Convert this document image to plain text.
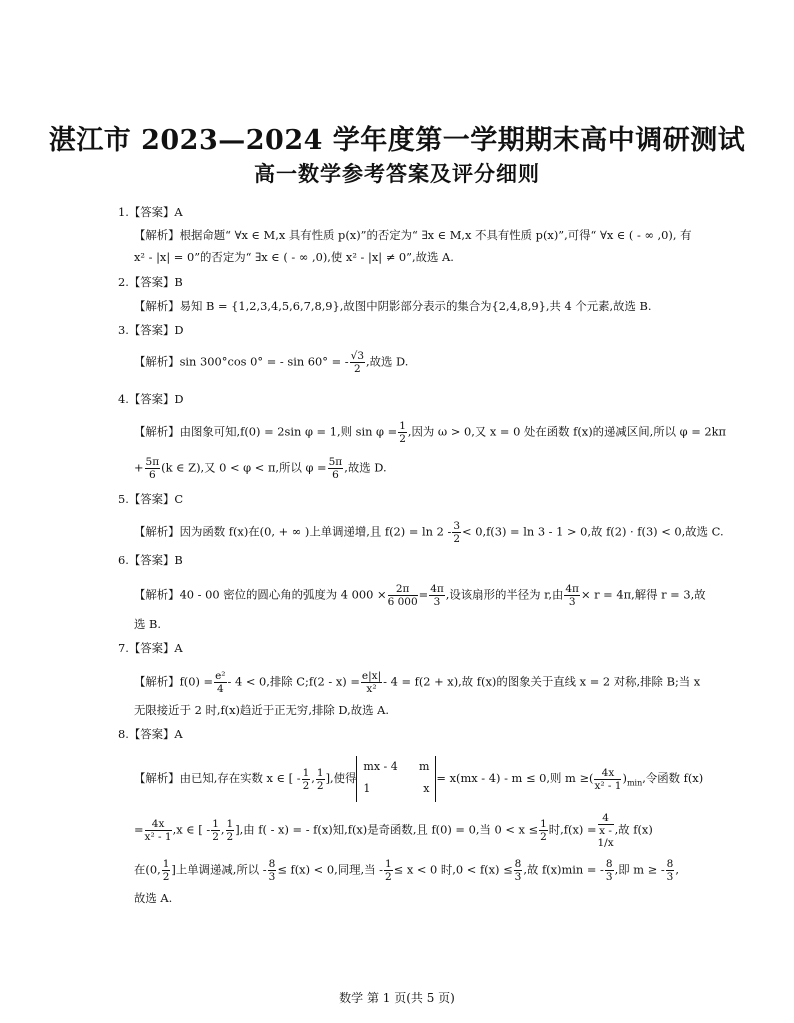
湛江市 2023—2024 学年度第一学期期末高中调研测试
高一数学参考答案及评分细则
1.【答案】A
【解析】根据命题“ ∀x ∈ M,x 具有性质 p(x)”的否定为“ ∃x ∈ M,x 不具有性质 p(x)”,可得“ ∀x ∈ ( - ∞ ,0), 有
x² - |x| = 0”的否定为“ ∃x ∈ ( - ∞ ,0),使 x² - |x| ≠ 0”,故选 A.
2.【答案】B
【解析】易知 B = {1,2,3,4,5,6,7,8,9},故图中阴影部分表示的集合为{2,4,8,9},共 4 个元素,故选 B.
3.【答案】D
【解析】sin 300°cos 0° = - sin 60° = - $\frac{√3}{2}$ ,故选 D.
4.【答案】D
【解析】由图象可知,f(0) = 2sin φ = 1,则 $\sin \varphi = \frac{1}{2}$ ,因为 ω > 0,又 x = 0 处在函数 f(x)的递减区间,所以 φ = 2kπ
+ $\frac{5\pi}{6} (k$ ∈ Z),又 0 < φ < π,所以 $\varphi = \frac{5\pi}{6}$ ,故选 D.
5.【答案】C
【解析】因为函数 f(x)在(0, + ∞ )上单调递增,且 $f(2) = \ln 2 - \frac{3}{2} < 0,f(3) = \ln 3 - 1 > 0$,故 f(2) · f(3) < 0,故选 C.
6.【答案】B
【解析】40 - 00 密位的圆心角的弧度为 4 $000 \times \frac{2\pi}{6 000} = \frac{4\pi}{3}$ ,设该扇形的半径为 r,由 $\frac{4\pi}{3} \times r = 4\pi$,解得 r = 3,故
选 B.
7.【答案】A
【解析】$f(0) = \frac{\text{e²}}{4} - 4 < 0$,排除 C;f(2 - $x) = \frac{e|x|}{\text{x²}} - 4 = f(2 + x)$,故 f(x)的图象关于直线 x = 2 对称,排除 B;当 x
无限接近于 2 时,f(x)趋近于正无穷,排除 D,故选 A.
8.【答案】A
【解析】由已知,存在实数 x ∈ [ - $\frac{1}{2}$ , $\frac{1}{2}$ ],使得
mx - 4 m
1	x
= x(mx - 4) - m ≤ 0,则 m ≥( $\frac{4x}{\text{x² - 1}} )_{min}$,令函数 f(x)
= $\frac{4x}{\text{x² - 1}} ,x$ ∈ [ - $\frac{1}{2}$ , $\frac{1}{2}$ ],由 f( - x) = - f(x)知,f(x)是奇函数,且 f(0) = 0,当 $0 < x \le \frac{1}{2}$ 时,f(x) = 4
x -
1/x ,故 f(x)
在(0, $\frac{1}{2}$ ]上单调递减,所以 - $\frac{8}{3} \le f(x) < 0$,同理,当 - $\frac{1}{2} \le x < 0$ 时$,0 < f(x) \le \frac{8}{3}$ ,故 f(x)min = - $\frac{8}{3}$ ,即 m ≥ - $\frac{8}{3}$ ,
故选 A.
数学 第 1 页(共 5 页)
